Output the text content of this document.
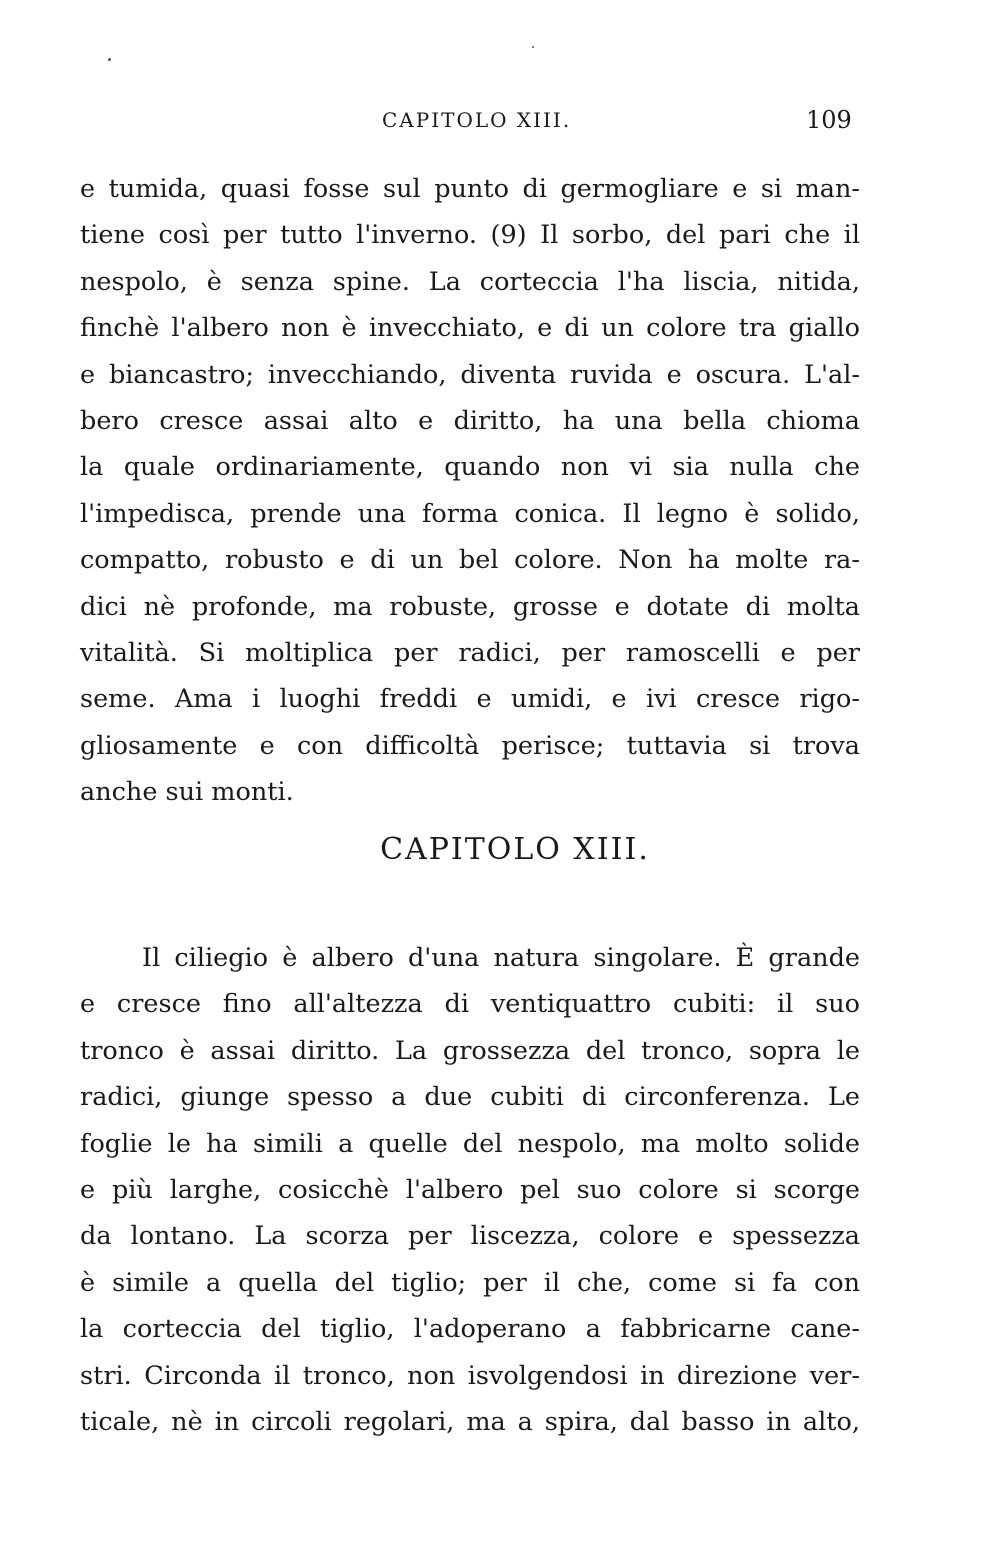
CAPITOLO XIII.	109
e tumida, quasi fosse sul punto di germogliare e si man-
tiene così per tutto l'inverno. (9) Il sorbo, del pari che il
nespolo, è senza spine. La corteccia l'ha liscia, nitida,
finchè l'albero non è invecchiato, e di un colore tra giallo
e biancastro; invecchiando, diventa ruvida e oscura. L'al-
bero cresce assai alto e diritto, ha una bella chioma
la quale ordinariamente, quando non vi sia nulla che
l'impedisca, prende una forma conica. Il legno è solido,
compatto, robusto e di un bel colore. Non ha molte ra-
dici nè profonde, ma robuste, grosse e dotate di molta
vitalità. Si moltiplica per radici, per ramoscelli e per
seme. Ama i luoghi freddi e umidi, e ivi cresce rigo-
gliosamente e con difficoltà perisce; tuttavia si trova
anche sui monti.
CAPITOLO XIII.
Il ciliegio è albero d'una natura singolare. È grande
e cresce fino all'altezza di ventiquattro cubiti: il suo
tronco è assai diritto. La grossezza del tronco, sopra le
radici, giunge spesso a due cubiti di circonferenza. Le
foglie le ha simili a quelle del nespolo, ma molto solide
e più larghe, cosicchè l'albero pel suo colore si scorge
da lontano. La scorza per liscezza, colore e spessezza
è simile a quella del tiglio; per il che, come si fa con
la corteccia del tiglio, l'adoperano a fabbricarne cane-
stri. Circonda il tronco, non isvolgendosi in direzione ver-
ticale, nè in circoli regolari, ma a spira, dal basso in alto,
